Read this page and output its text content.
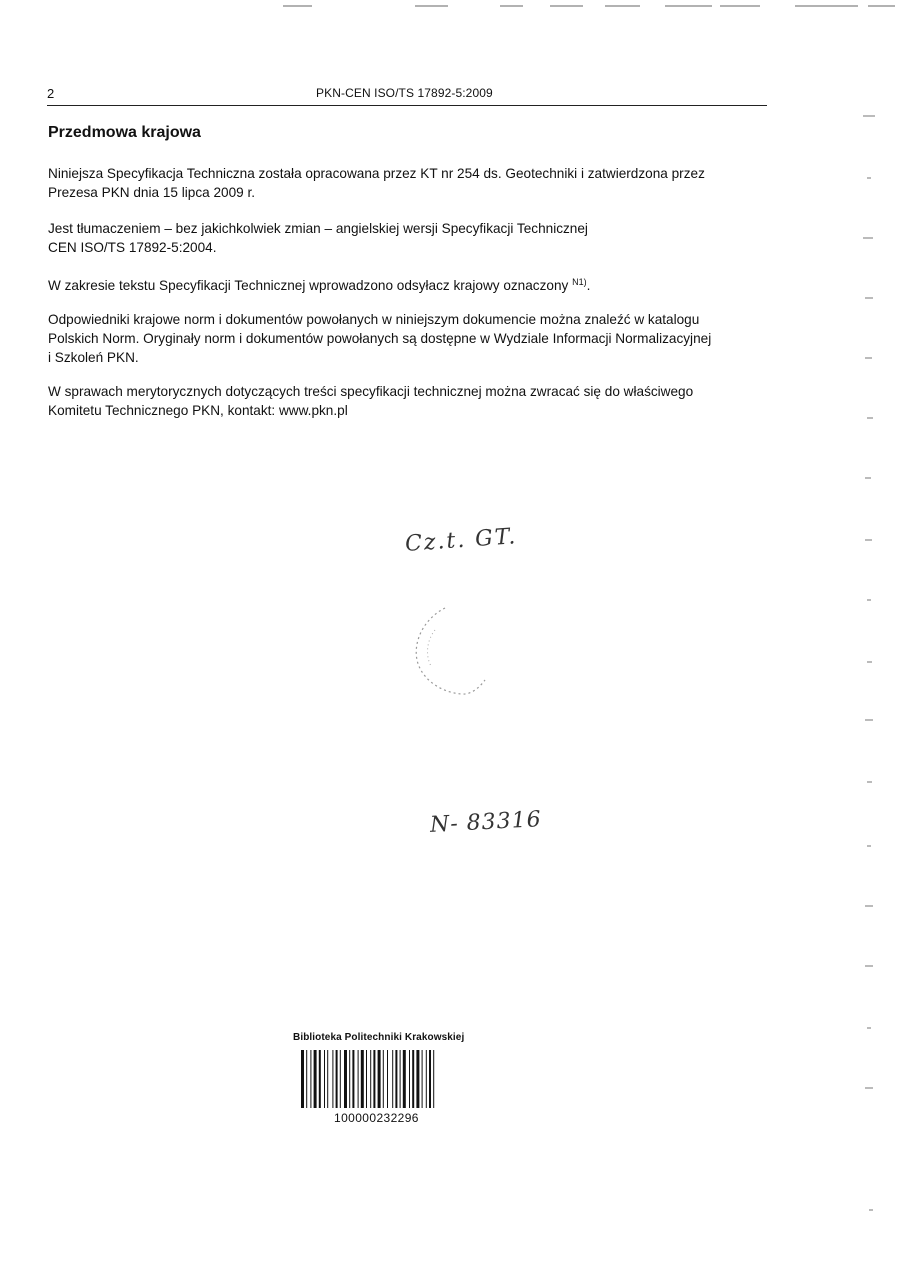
2	PKN-CEN ISO/TS 17892-5:2009
Przedmowa krajowa
Niniejsza Specyfikacja Techniczna została opracowana przez KT nr 254 ds. Geotechniki i zatwierdzona przez
Prezesa PKN dnia 15 lipca 2009 r.
Jest tłumaczeniem – bez jakichkolwiek zmian – angielskiej wersji Specyfikacji Technicznej
CEN ISO/TS 17892-5:2004.
W zakresie tekstu Specyfikacji Technicznej wprowadzono odsyłacz krajowy oznaczony $^{N1)}$.
Odpowiedniki krajowe norm i dokumentów powołanych w niniejszym dokumencie można znaleźć w katalogu
Polskich Norm. Oryginały norm i dokumentów powołanych są dostępne w Wydziale Informacji Normalizacyjnej
i Szkoleń PKN.
W sprawach merytorycznych dotyczących treści specyfikacji technicznej można zwracać się do właściwego
Komitetu Technicznego PKN, kontakt: www.pkn.pl
Cz.t. GT.
N- 83316
Biblioteka Politechniki Krakowskiej
100000232296
